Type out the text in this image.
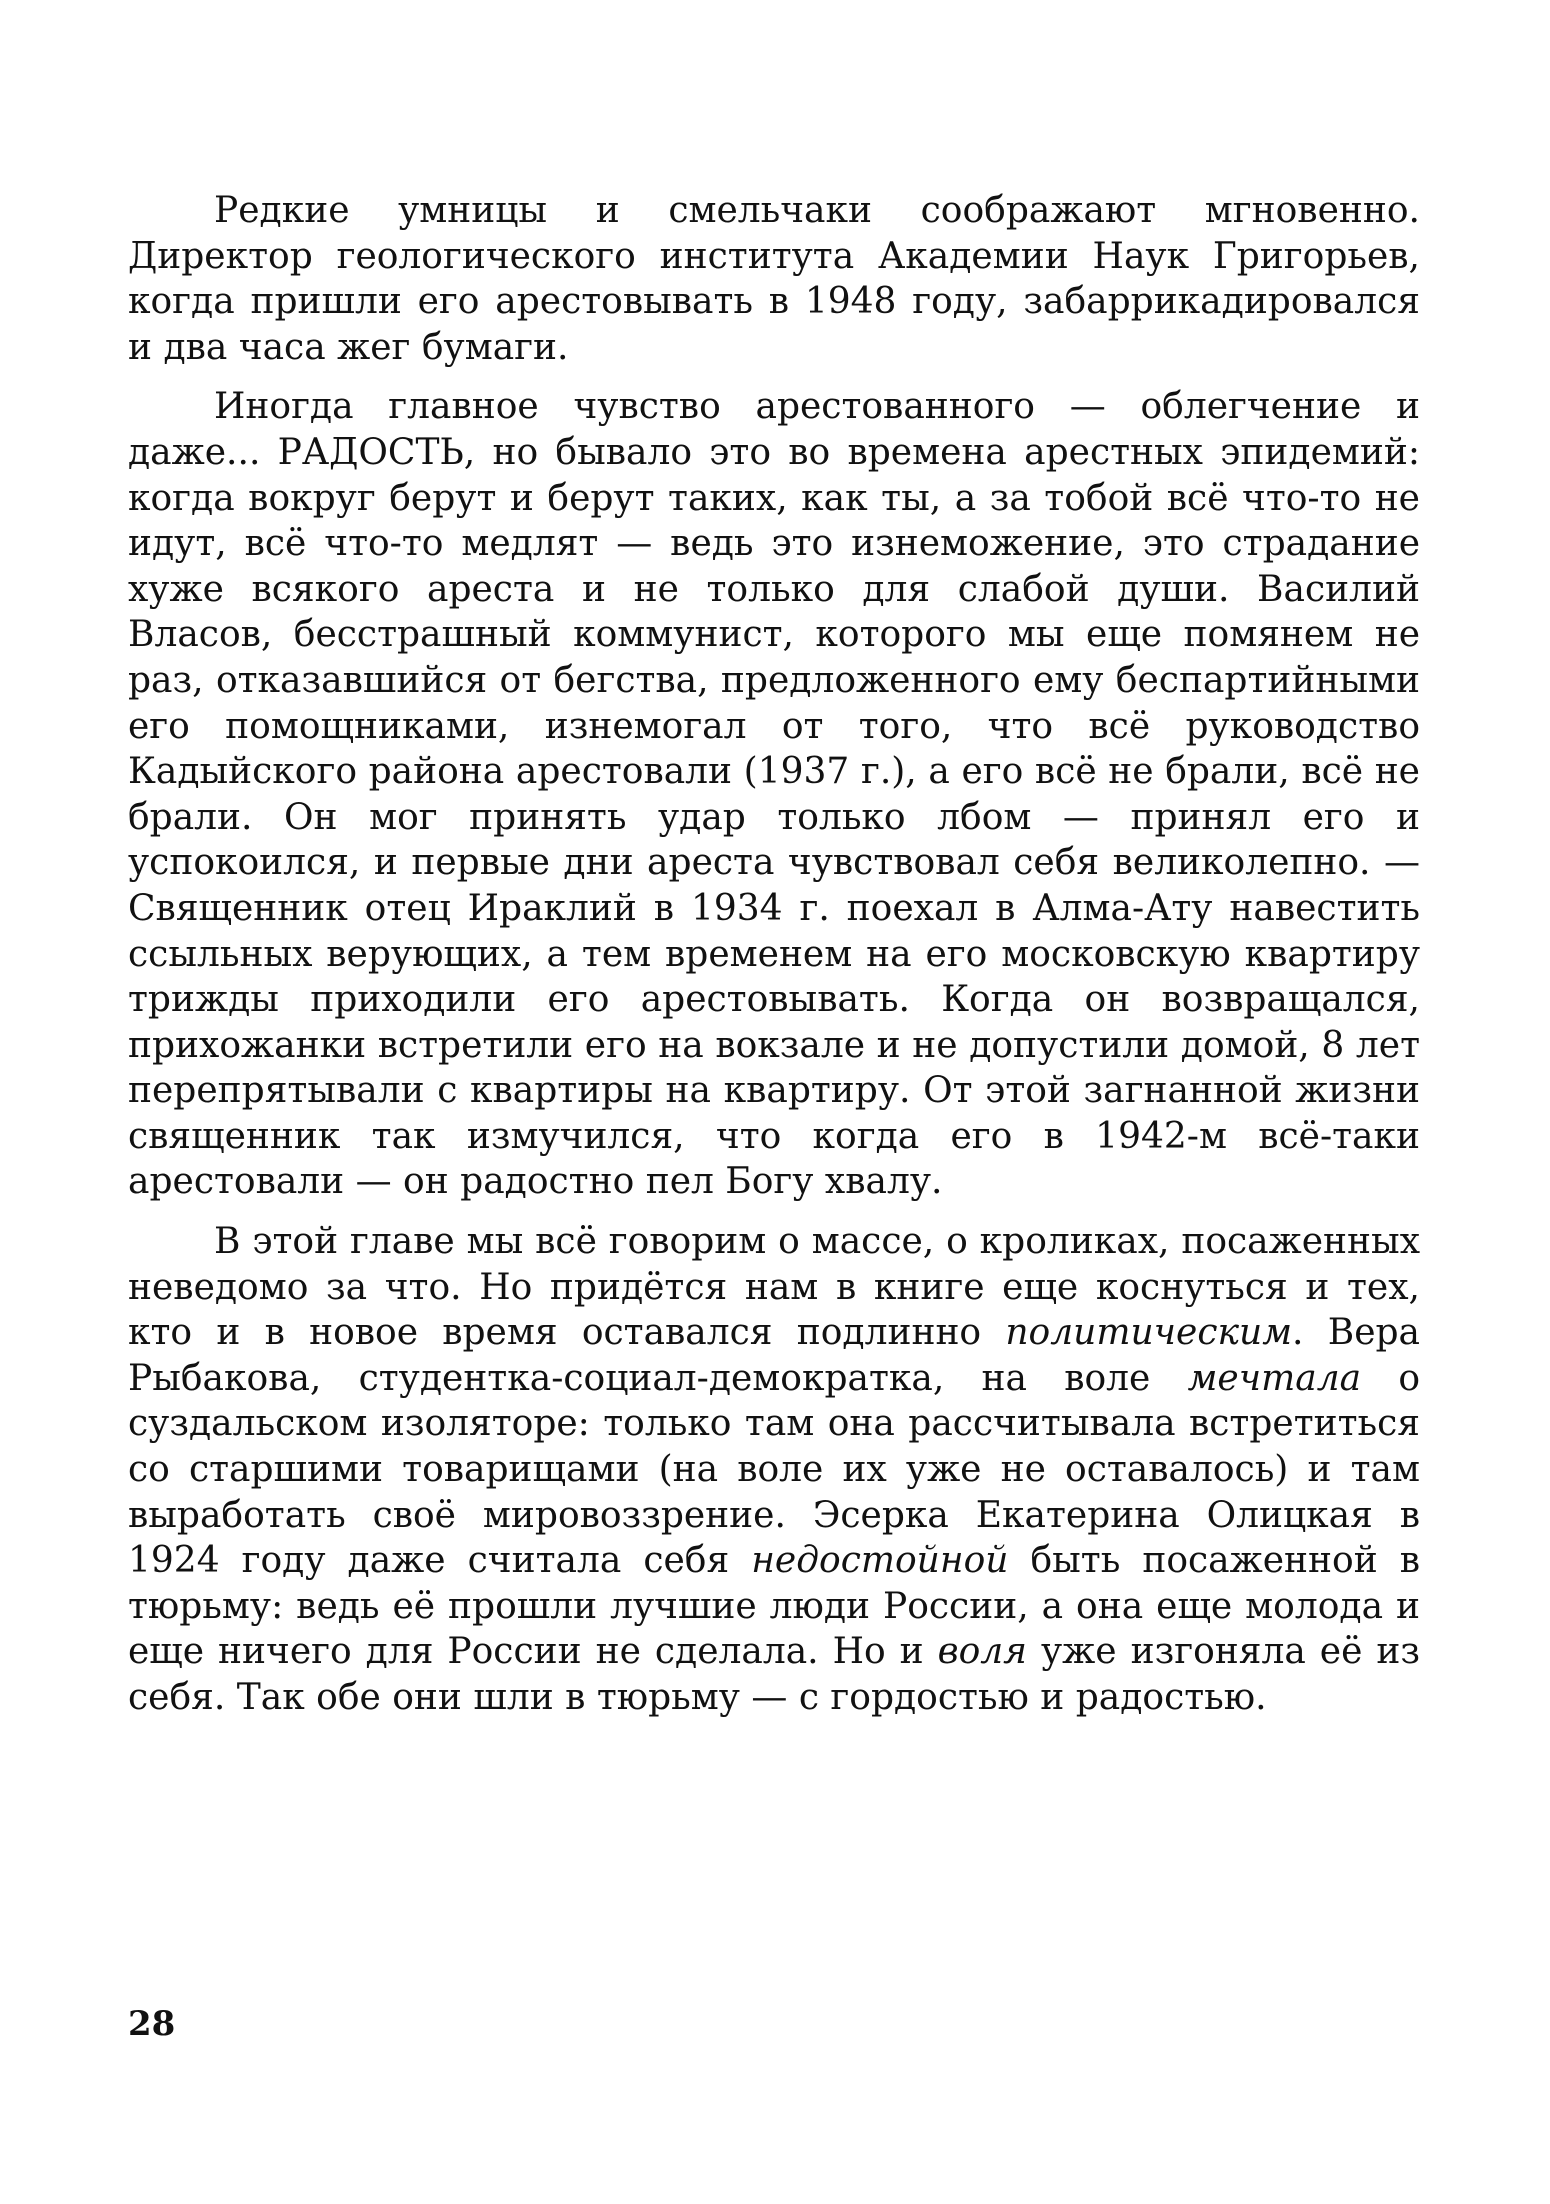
Редкие умницы и смельчаки соображают мгновенно. Директор геологического института Академии Наук Григорьев, когда пришли его арестовывать в 1948 году, забаррикадировался и два часа жег бумаги.

Иногда главное чувство арестованного — облегчение и даже... РАДОСТЬ, но бывало это во времена арестных эпидемий: когда вокруг берут и берут таких, как ты, а за тобой всё что-то не идут, всё что-то медлят — ведь это изнеможение, это страдание хуже всякого ареста и не только для слабой души. Василий Власов, бесстрашный коммунист, которого мы еще помянем не раз, отказавшийся от бегства, предложенного ему беспартийными его помощниками, изнемогал от того, что всё руководство Кадыйского района арестовали (1937 г.), а его всё не брали, всё не брали. Он мог принять удар только лбом — принял его и успокоился, и первые дни ареста чувствовал себя великолепно. — Священник отец Ираклий в 1934 г. поехал в Алма-Ату навестить ссыльных верующих, а тем временем на его московскую квартиру трижды приходили его арестовывать. Когда он возвращался, прихожанки встретили его на вокзале и не допустили домой, 8 лет перепрятывали с квартиры на квартиру. От этой загнанной жизни священник так измучился, что когда его в 1942-м всё-таки арестовали — он радостно пел Богу хвалу.

В этой главе мы всё говорим о массе, о кроликах, посаженных неведомо за что. Но придётся нам в книге еще коснуться и тех, кто и в новое время оставался подлинно политическим. Вера Рыбакова, студентка-социал-демократка, на воле мечтала о суздальском изоляторе: только там она рассчитывала встретиться со старшими товарищами (на воле их уже не оставалось) и там выработать своё мировоззрение. Эсерка Екатерина Олицкая в 1924 году даже считала себя недостойной быть посаженной в тюрьму: ведь её прошли лучшие люди России, а она еще молода и еще ничего для России не сделала. Но и воля уже изгоняла её из себя. Так обе они шли в тюрьму — с гордостью и радостью.

28
